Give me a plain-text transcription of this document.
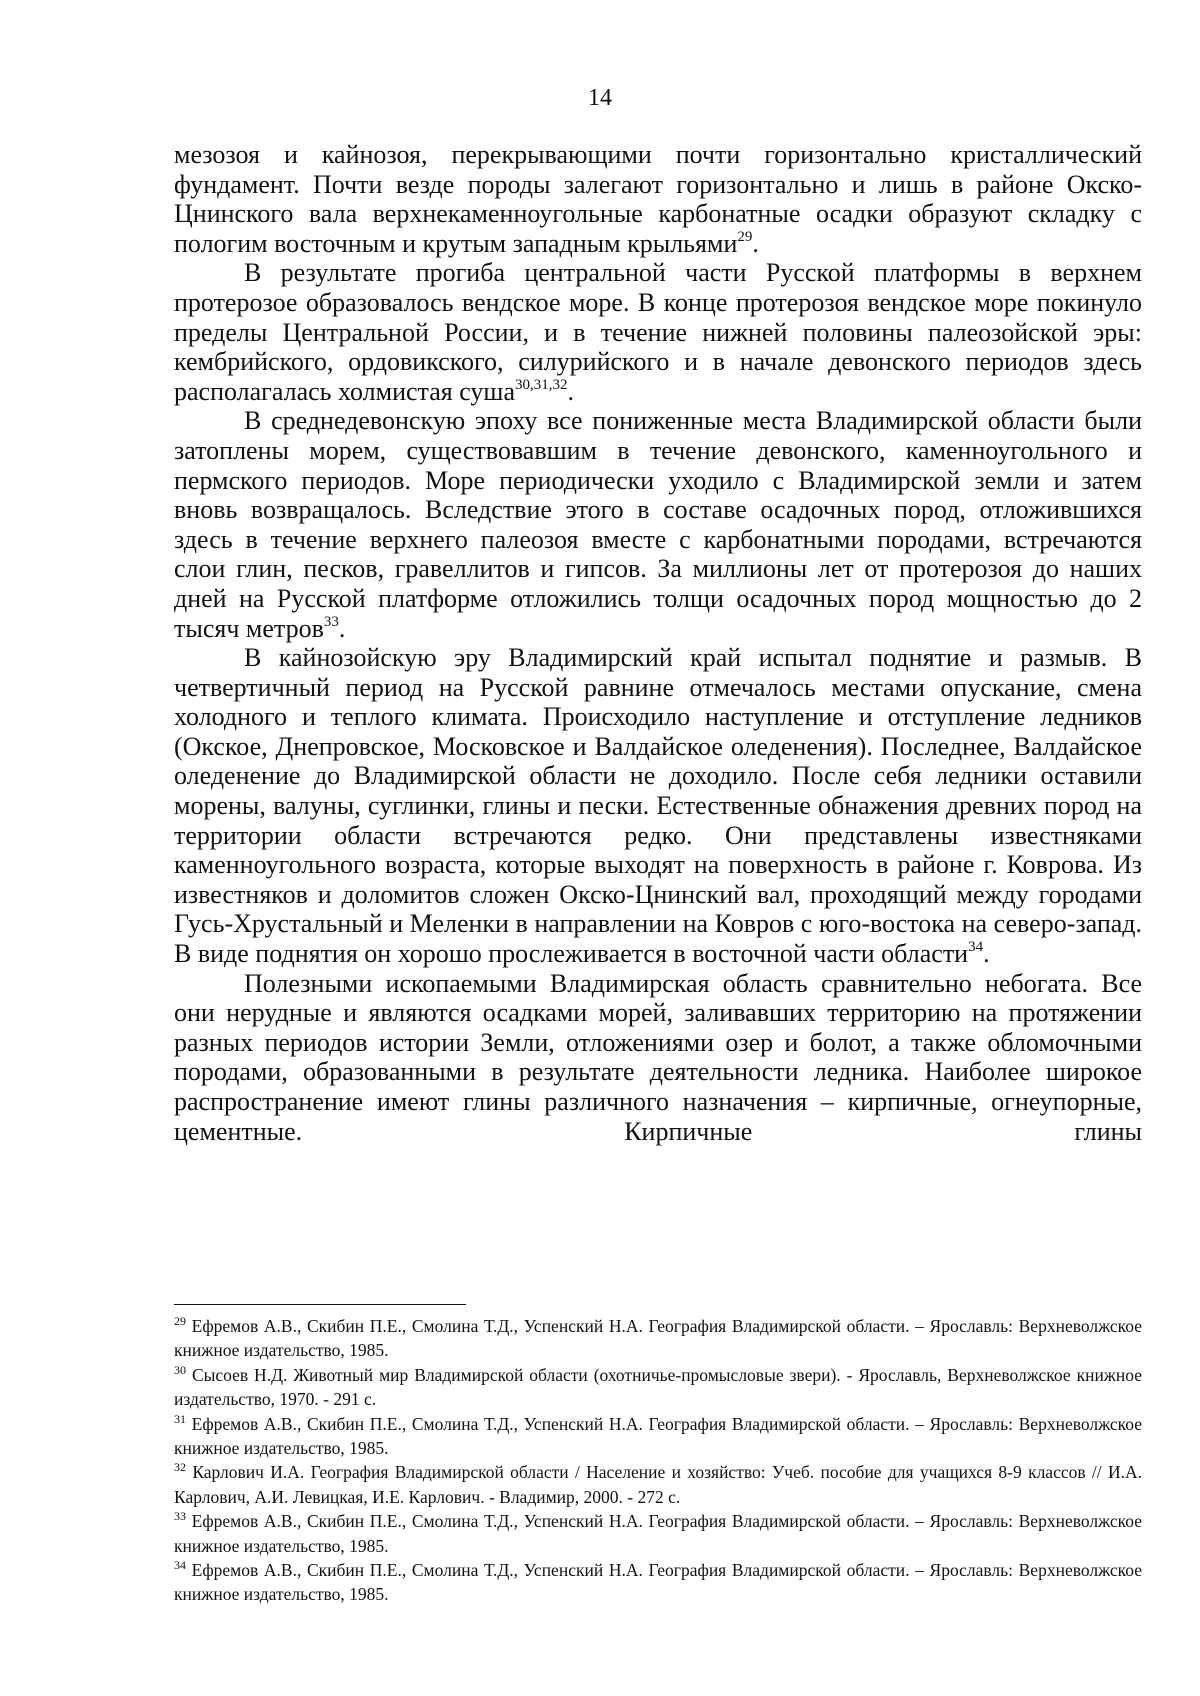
14

мезозоя и кайнозоя, перекрывающими почти горизонтально кристаллический фундамент. Почти везде породы залегают горизонтально и лишь в районе Окско-Цнинского вала верхнекаменноугольные карбонатные осадки образуют складку с пологим восточным и крутым западным крыльями$^{29}$.

В результате прогиба центральной части Русской платформы в верхнем протерозое образовалось вендское море. В конце протерозоя вендское море покинуло пределы Центральной России, и в течение нижней половины палеозойской эры: кембрийского, ордовикского, силурийского и в начале девонского периодов здесь располагалась холмистая суша$^{30,31,32}$.

В среднедевонскую эпоху все пониженные места Владимирской области были затоплены морем, существовавшим в течение девонского, каменноугольного и пермского периодов. Море периодически уходило с Владимирской земли и затем вновь возвращалось. Вследствие этого в составе осадочных пород, отложившихся здесь в течение верхнего палеозоя вместе с карбонатными породами, встречаются слои глин, песков, гравеллитов и гипсов. За миллионы лет от протерозоя до наших дней на Русской платформе отложились толщи осадочных пород мощностью до 2 тысяч метров$^{33}$.

В кайнозойскую эру Владимирский край испытал поднятие и размыв. В четвертичный период на Русской равнине отмечалось местами опускание, смена холодного и теплого климата. Происходило наступление и отступление ледников (Окское, Днепровское, Московское и Валдайское оледенения). Последнее, Валдайское оледенение до Владимирской области не доходило. После себя ледники оставили морены, валуны, суглинки, глины и пески. Естественные обнажения древних пород на территории области встречаются редко. Они представлены известняками каменноугольного возраста, которые выходят на поверхность в районе г. Коврова. Из известняков и доломитов сложен Окско-Цнинский вал, проходящий между городами Гусь-Хрустальный и Меленки в направлении на Ковров с юго-востока на северо-запад. В виде поднятия он хорошо прослеживается в восточной части области$^{34}$.

Полезными ископаемыми Владимирская область сравнительно небогата. Все они нерудные и являются осадками морей, заливавших территорию на протяжении разных периодов истории Земли, отложениями озер и болот, а также обломочными породами, образованными в результате деятельности ледника. Наиболее широкое распространение имеют глины различного назначения – кирпичные, огнеупорные, цементные. Кирпичные глины

$^{29}$ Ефремов А.В., Скибин П.Е., Смолина Т.Д., Успенский Н.А. География Владимирской области. – Ярославль: Верхневолжское книжное издательство, 1985.

$^{30}$ Сысоев Н.Д. Животный мир Владимирской области (охотничье-промысловые звери). - Ярославль, Верхневолжское книжное издательство, 1970. - 291 с.

$^{31}$ Ефремов А.В., Скибин П.Е., Смолина Т.Д., Успенский Н.А. География Владимирской области. – Ярославль: Верхневолжское книжное издательство, 1985.

$^{32}$ Карлович И.А. География Владимирской области / Население и хозяйство: Учеб. пособие для учащихся 8-9 классов // И.А. Карлович, А.И. Левицкая, И.Е. Карлович. - Владимир, 2000. - 272 с.

$^{33}$ Ефремов А.В., Скибин П.Е., Смолина Т.Д., Успенский Н.А. География Владимирской области. – Ярославль: Верхневолжское книжное издательство, 1985.

$^{34}$ Ефремов А.В., Скибин П.Е., Смолина Т.Д., Успенский Н.А. География Владимирской области. – Ярославль: Верхневолжское книжное издательство, 1985.
